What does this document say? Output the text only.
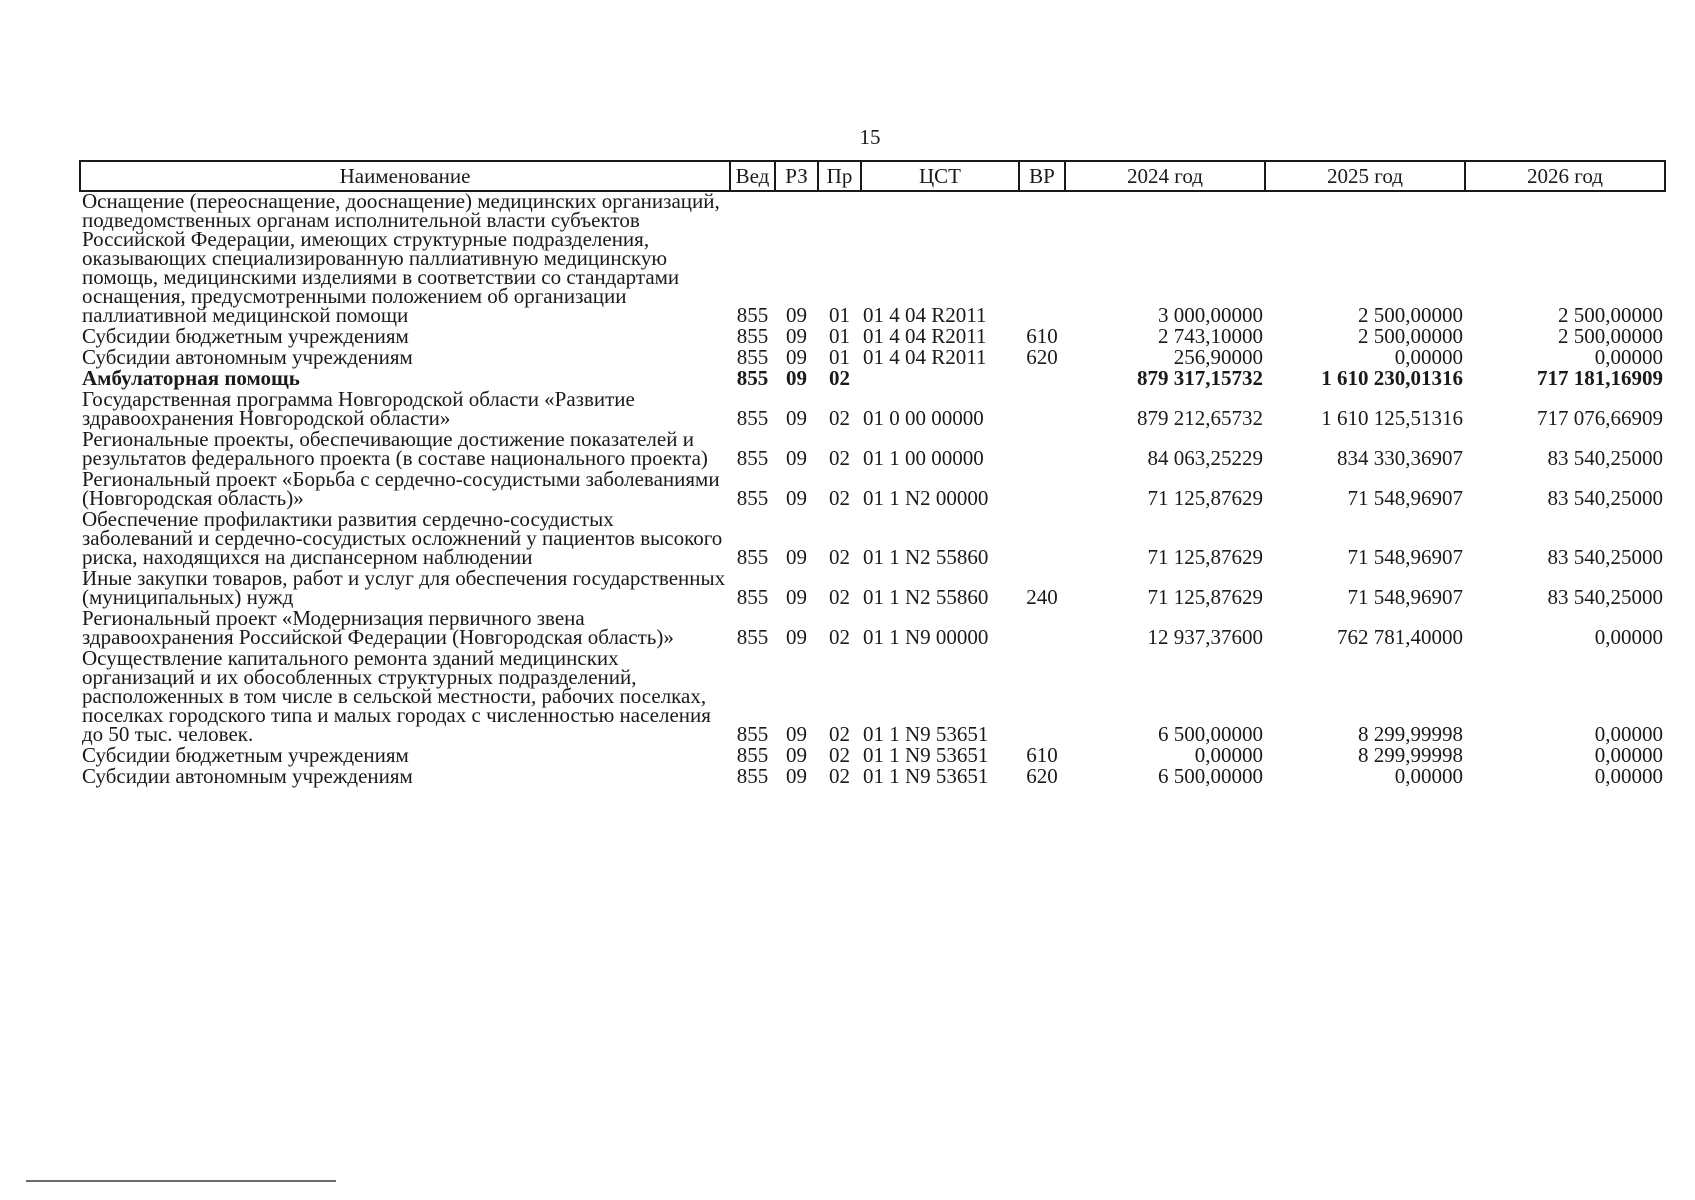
15
Наименование	Вед	РЗ	Пр	ЦСТ	ВР	2024 год	2025 год	2026 год
Оснащение (переоснащение, дооснащение) медицинских организаций, подведомственных органам исполнительной власти субъектов Российской Федерации, имеющих структурные подразделения, оказывающих специализированную паллиативную медицинскую помощь, медицинскими изделиями в соответствии со стандартами оснащения, предусмотренными положением об организации паллиативной медицинской помощи	855	09	01	01 4 04 R2011		3 000,00000	2 500,00000	2 500,00000
Субсидии бюджетным учреждениям	855	09	01	01 4 04 R2011	610	2 743,10000	2 500,00000	2 500,00000
Субсидии автономным учреждениям	855	09	01	01 4 04 R2011	620	256,90000	0,00000	0,00000
Амбулаторная помощь	855	09	02			879 317,15732	1 610 230,01316	717 181,16909
Государственная программа Новгородской области «Развитие здравоохранения Новгородской области»	855	09	02	01 0 00 00000		879 212,65732	1 610 125,51316	717 076,66909
Региональные проекты, обеспечивающие достижение показателей и результатов федерального проекта (в составе национального проекта)	855	09	02	01 1 00 00000		84 063,25229	834 330,36907	83 540,25000
Региональный проект «Борьба с сердечно-сосудистыми заболеваниями (Новгородская область)»	855	09	02	01 1 N2 00000		71 125,87629	71 548,96907	83 540,25000
Обеспечение профилактики развития сердечно-сосудистых заболеваний и сердечно-сосудистых осложнений у пациентов высокого риска, находящихся на диспансерном наблюдении	855	09	02	01 1 N2 55860		71 125,87629	71 548,96907	83 540,25000
Иные закупки товаров, работ и услуг для обеспечения государственных (муниципальных) нужд	855	09	02	01 1 N2 55860	240	71 125,87629	71 548,96907	83 540,25000
Региональный проект «Модернизация первичного звена здравоохранения Российской Федерации (Новгородская область)»	855	09	02	01 1 N9 00000		12 937,37600	762 781,40000	0,00000
Осуществление капитального ремонта зданий медицинских организаций и их обособленных структурных подразделений, расположенных в том числе в сельской местности, рабочих поселках, поселках городского типа и малых городах с численностью населения до 50 тыс. человек.	855	09	02	01 1 N9 53651		6 500,00000	8 299,99998	0,00000
Субсидии бюджетным учреждениям	855	09	02	01 1 N9 53651	610	0,00000	8 299,99998	0,00000
Субсидии автономным учреждениям	855	09	02	01 1 N9 53651	620	6 500,00000	0,00000	0,00000
